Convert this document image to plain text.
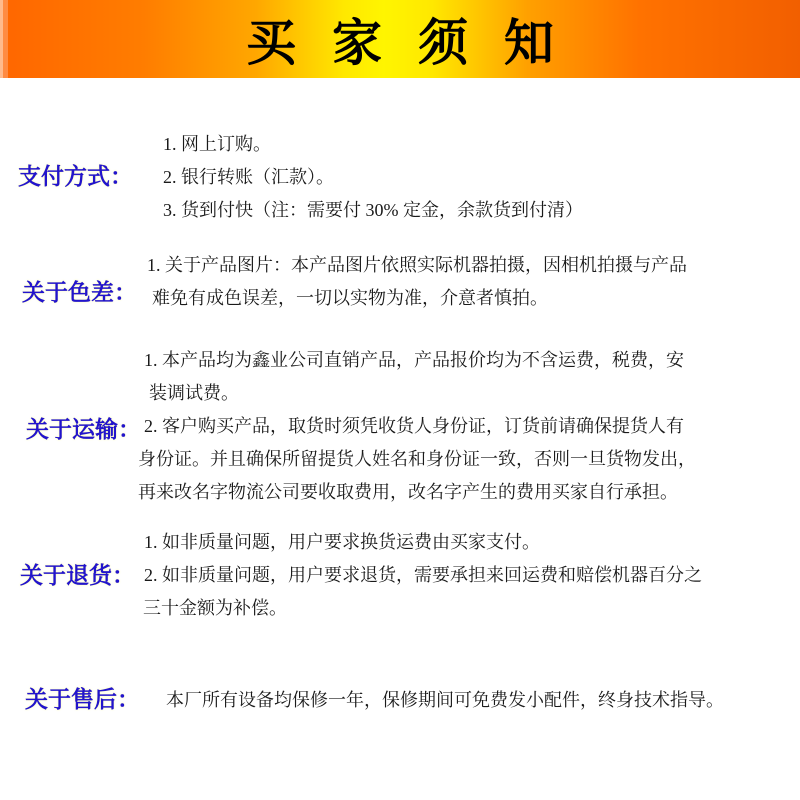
买 家 须 知
支付方式：
1. 网上订购。
2. 银行转账（汇款）。
3. 货到付快（注：需要付 30% 定金，余款货到付清）
关于色差：
1. 关于产品图片：本产品图片依照实际机器拍摄，因相机拍摄与产品
难免有成色误差，一切以实物为准，介意者慎拍。
关于运输：
1. 本产品均为鑫业公司直销产品，产品报价均为不含运费，税费，安
装调试费。
2. 客户购买产品，取货时须凭收货人身份证，订货前请确保提货人有
身份证。并且确保所留提货人姓名和身份证一致，否则一旦货物发出，
再来改名字物流公司要收取费用，改名字产生的费用买家自行承担。
关于退货：
1. 如非质量问题，用户要求换货运费由买家支付。
2. 如非质量问题，用户要求退货，需要承担来回运费和赔偿机器百分之
三十金额为补偿。
关于售后： 本厂所有设备均保修一年，保修期间可免费发小配件，终身技术指导。
